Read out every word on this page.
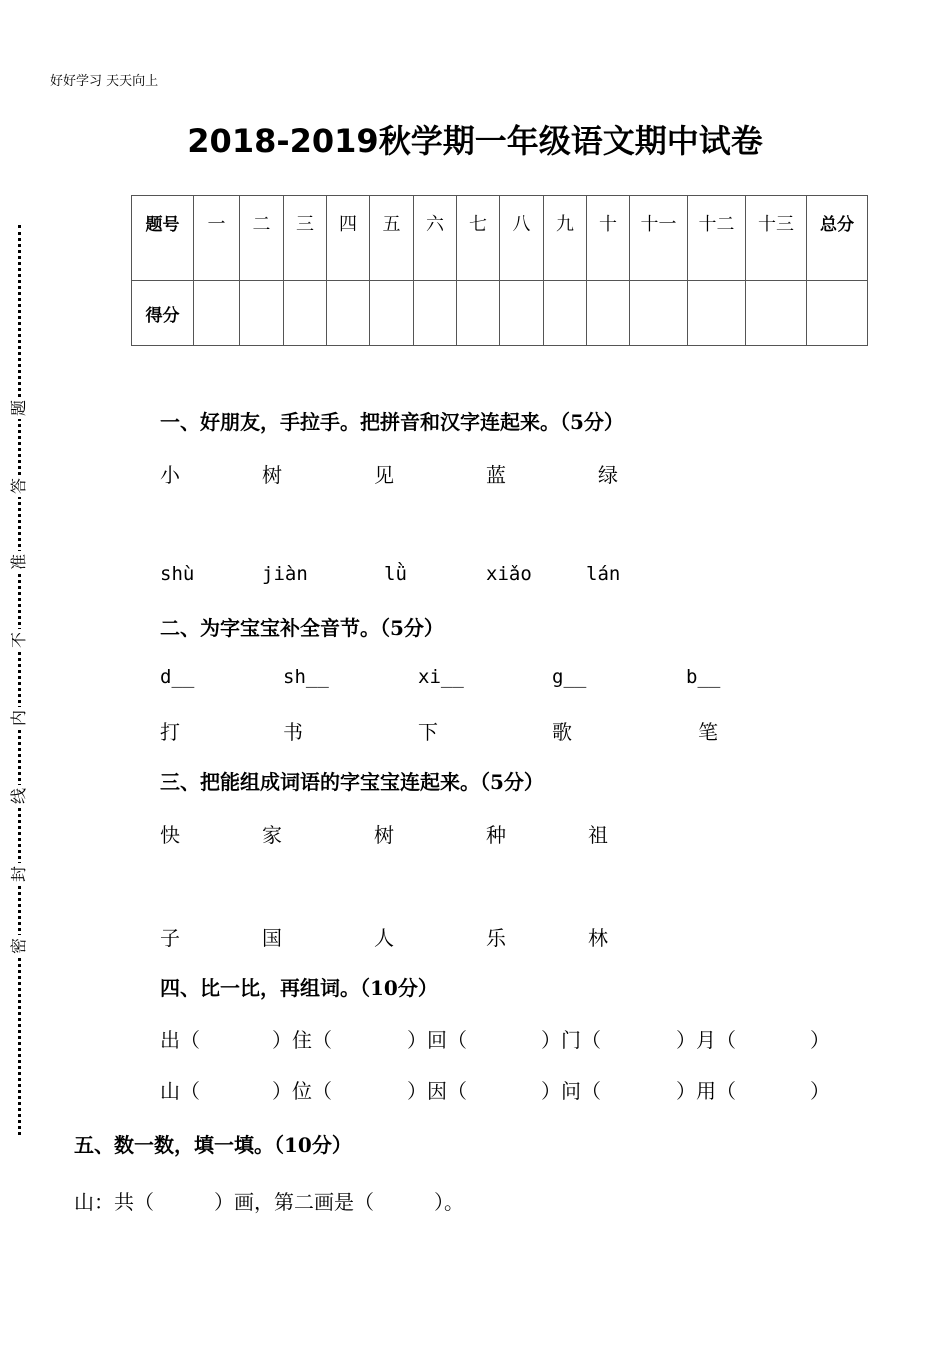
好好学习 天天向上
2018-2019秋学期一年级语文期中试卷
题号	一	二	三	四	五	六	七	八	九	十	十一	十二	十三	总分
得分														
密
封
线
内
不
准
答
题
一、好朋友，手拉手。把拼音和汉字连起来。（5分）
小	树	见	蓝	绿
shù	jiàn	lǜ	xiǎo	lán
二、为字宝宝补全音节。（5分）
d__	sh__	xi__	g__	b__
打	书	下	歌	笔
三、把能组成词语的字宝宝连起来。（5分）
快	家	树	种	祖
子	国	人	乐	林
四、比一比，再组词。（10分）
出（	）住（	）回（	）门（	）月（	）
山（	）位（	）因（	）问（	）用（	）
五、数一数，填一填。（10分）
山：共（　　　）画，第二画是（　　　）。
